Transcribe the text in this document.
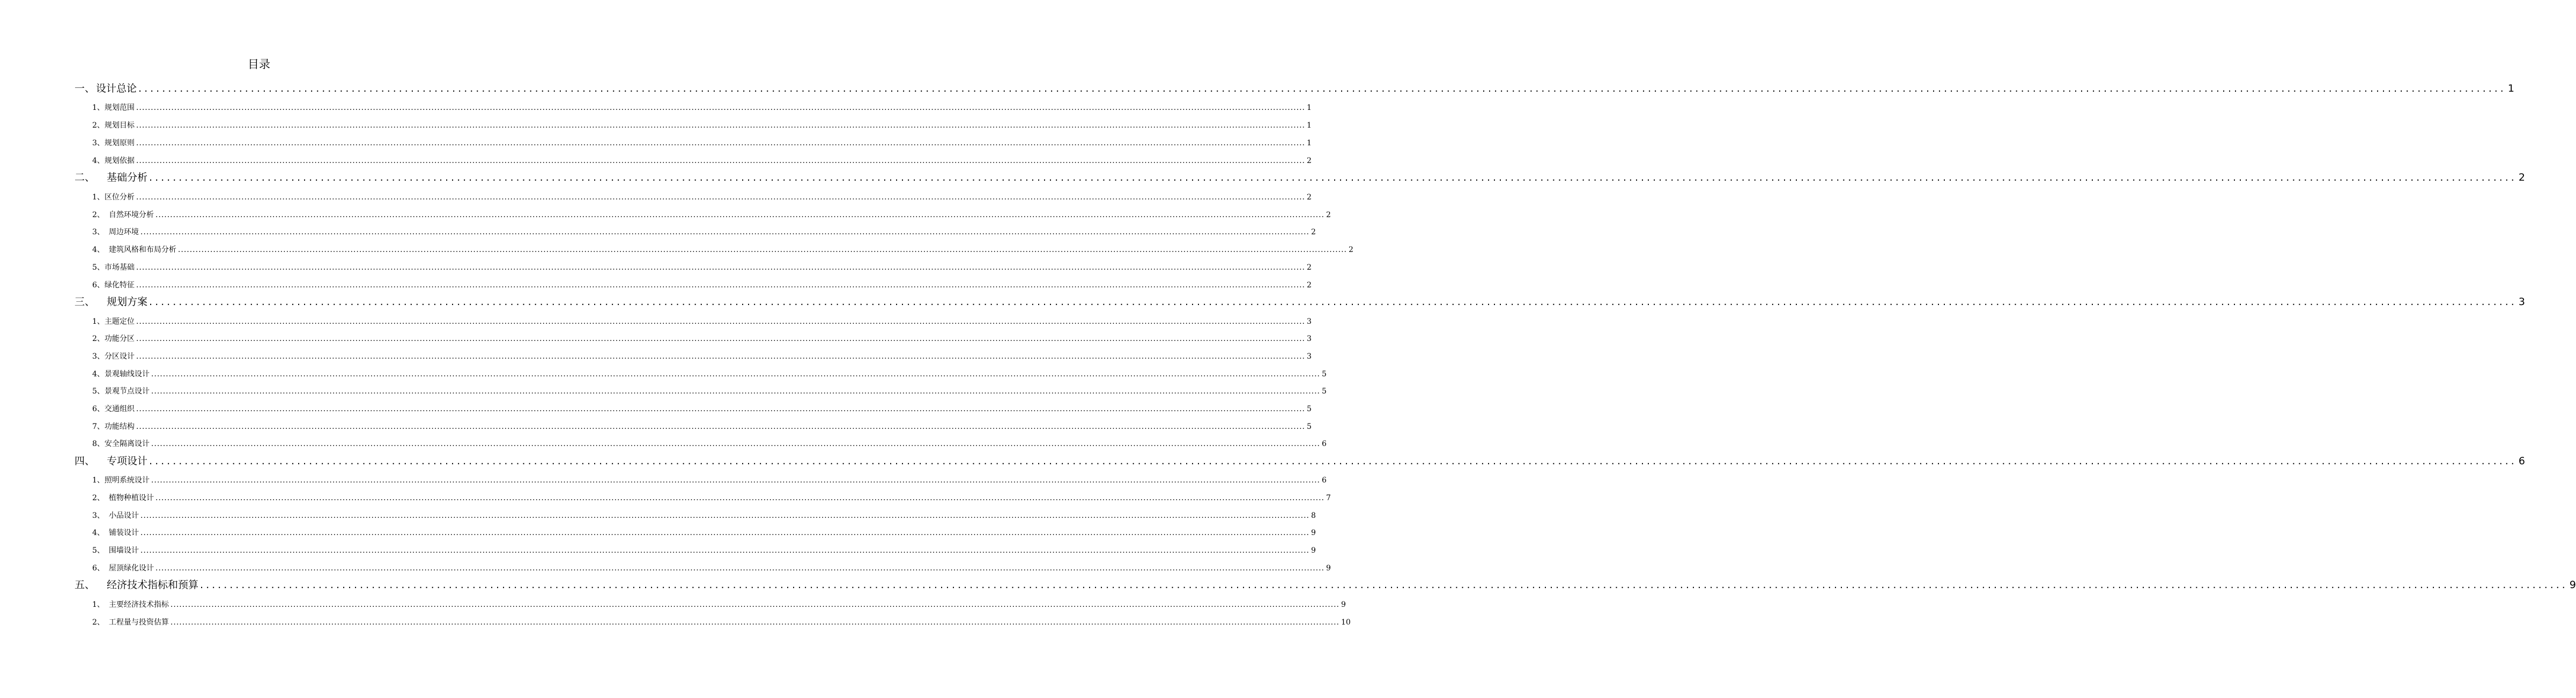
目录
一、 设计总论 ................................................................................................................................................................................................................................................................................................................................................................................................................ 1
1、 规划范围 ................................................................................................................................................................................................................................................................................................................................................................................................................ 1
2、 规划目标 ................................................................................................................................................................................................................................................................................................................................................................................................................ 1
3、 规划原则 ................................................................................................................................................................................................................................................................................................................................................................................................................ 1
4、 规划依据 ................................................................................................................................................................................................................................................................................................................................................................................................................ 2
二、 基础分析 ................................................................................................................................................................................................................................................................................................................................................................................................................ 2
1、 区位分析 ................................................................................................................................................................................................................................................................................................................................................................................................................ 2
2、 自然环境分析 ................................................................................................................................................................................................................................................................................................................................................................................................................ 2
3、 周边环境 ................................................................................................................................................................................................................................................................................................................................................................................................................ 2
4、 建筑风格和布局分析 ................................................................................................................................................................................................................................................................................................................................................................................................................ 2
5、 市场基础 ................................................................................................................................................................................................................................................................................................................................................................................................................ 2
6、 绿化特征 ................................................................................................................................................................................................................................................................................................................................................................................................................ 2
三、 规划方案 ................................................................................................................................................................................................................................................................................................................................................................................................................ 3
1、 主题定位 ................................................................................................................................................................................................................................................................................................................................................................................................................ 3
2、 功能分区 ................................................................................................................................................................................................................................................................................................................................................................................................................ 3
3、 分区设计 ................................................................................................................................................................................................................................................................................................................................................................................................................ 3
4、 景观轴线设计 ................................................................................................................................................................................................................................................................................................................................................................................................................ 5
5、 景观节点设计 ................................................................................................................................................................................................................................................................................................................................................................................................................ 5
6、 交通组织 ................................................................................................................................................................................................................................................................................................................................................................................................................ 5
7、 功能结构 ................................................................................................................................................................................................................................................................................................................................................................................................................ 5
8、 安全隔离设计 ................................................................................................................................................................................................................................................................................................................................................................................................................ 6
四、 专项设计 ................................................................................................................................................................................................................................................................................................................................................................................................................ 6
1、 照明系统设计 ................................................................................................................................................................................................................................................................................................................................................................................................................ 6
2、 植物种植设计 ................................................................................................................................................................................................................................................................................................................................................................................................................ 7
3、 小品设计 ................................................................................................................................................................................................................................................................................................................................................................................................................ 8
4、 铺装设计 ................................................................................................................................................................................................................................................................................................................................................................................................................ 9
5、 围墙设计 ................................................................................................................................................................................................................................................................................................................................................................................................................ 9
6、 屋顶绿化设计 ................................................................................................................................................................................................................................................................................................................................................................................................................ 9
五、 经济技术指标和预算 ................................................................................................................................................................................................................................................................................................................................................................................................................ 9
1、 主要经济技术指标 ................................................................................................................................................................................................................................................................................................................................................................................................................ 9
2、 工程量与投资估算 ................................................................................................................................................................................................................................................................................................................................................................................................................ 10
